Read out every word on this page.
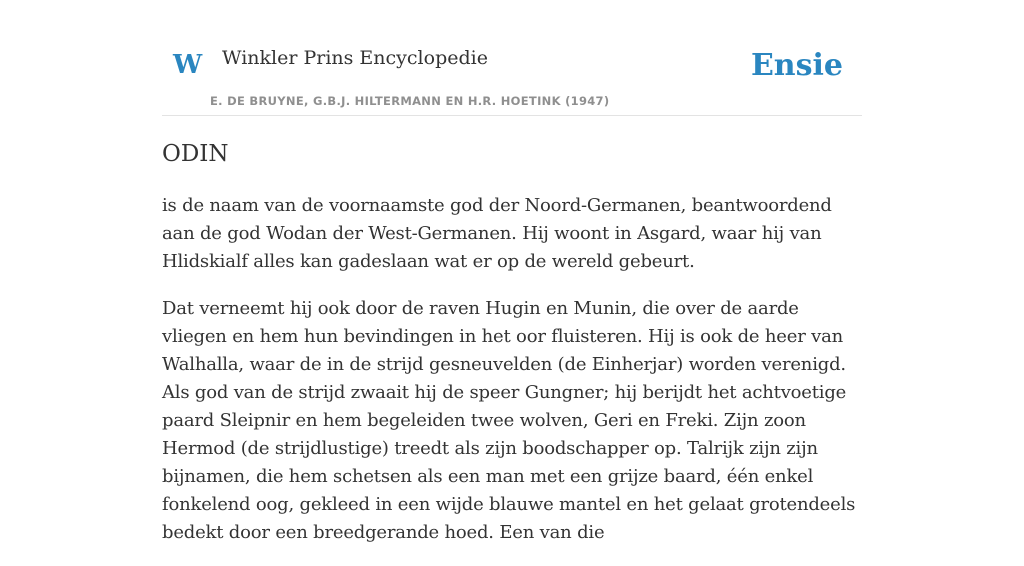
W Winkler Prins Encyclopedie
E. DE BRUYNE, G.B.J. HILTERMANN EN H.R. HOETINK (1947)
Ensie
ODIN

is de naam van de voornaamste god der Noord-Germanen, beantwoordend aan de god Wodan der West-Germanen. Hij woont in Asgard, waar hij van Hlidskialf alles kan gadeslaan wat er op de wereld gebeurt.

Dat verneemt hij ook door de raven Hugin en Munin, die over de aarde vliegen en hem hun bevindingen in het oor fluisteren. Hij is ook de heer van Walhalla, waar de in de strijd gesneuvelden (de Einherjar) worden verenigd. Als god van de strijd zwaait hij de speer Gungner; hij berijdt het achtvoetige paard Sleipnir en hem begeleiden twee wolven, Geri en Freki. Zijn zoon Hermod (de strijdlustige) treedt als zijn boodschapper op. Talrijk zijn zijn bijnamen, die hem schetsen als een man met een grijze baard, één enkel fonkelend oog, gekleed in een wijde blauwe mantel en het gelaat grotendeels bedekt door een breedgerande hoed. Een van die
